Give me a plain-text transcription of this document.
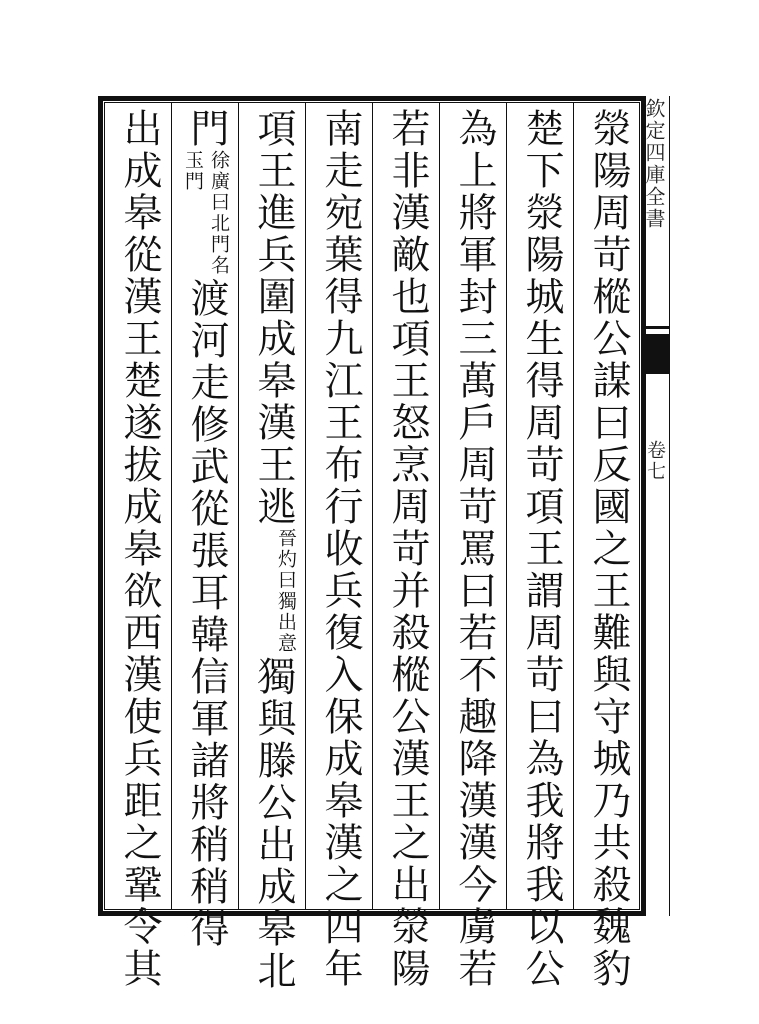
滎陽周苛樅公謀曰反國之王難與守城乃共殺魏豹
楚下滎陽城生得周苛項王謂周苛曰為我將我以公
為上將軍封三萬戶周苛罵曰若不趣降漢漢今虜若
若非漢敵也項王怒烹周苛并殺樅公漢王之出滎陽
南走宛葉得九江王布行收兵復入保成皋漢之四年
項王進兵圍成皋漢王逃晉灼曰獨出意獨與滕公出成皋北
門徐廣曰北門名玉門渡河走修武從張耳韓信軍諸將稍稍得
出成皋從漢王楚遂拔成皋欲西漢使兵距之鞏令其	欽定四庫全書
卷七
